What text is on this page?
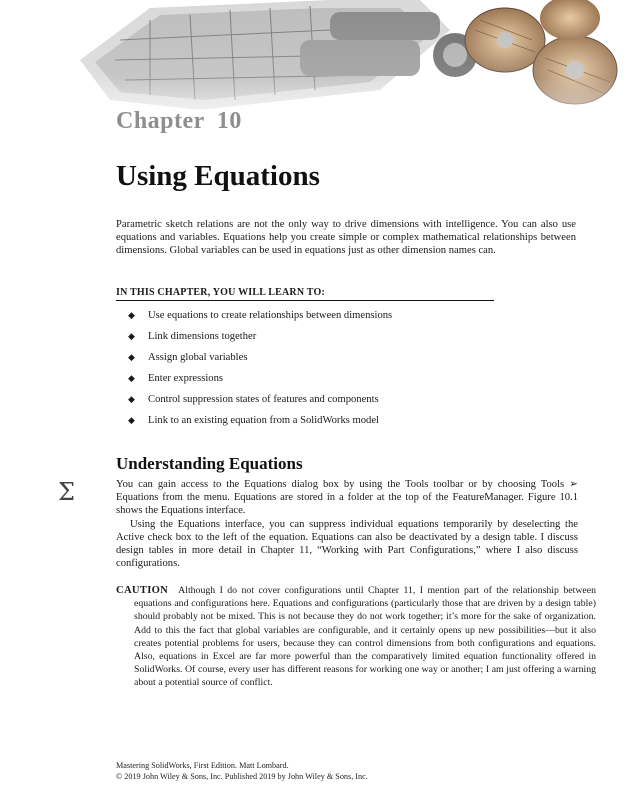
Chapter 10
Using Equations

Parametric sketch relations are not the only way to drive dimensions with intelligence. You can also use equations and variables. Equations help you create simple or complex mathematical relationships between dimensions. Global variables can be used in equations just as other dimension names can.

IN THIS CHAPTER, YOU WILL LEARN TO:
◆ Use equations to create relationships between dimensions
◆ Link dimensions together
◆ Assign global variables
◆ Enter expressions
◆ Control suppression states of features and components
◆ Link to an existing equation from a SolidWorks model
Understanding Equations
Σ	You can gain access to the Equations dialog box by using the Tools toolbar or by choosing Tools ➢ Equations from the menu. Equations are stored in a folder at the top of the FeatureManager. Figure 10.1 shows the Equations interface.

Using the Equations interface, you can suppress individual equations temporarily by deselecting the Active check box to the left of the equation. Equations can also be deactivated by a design table. I discuss design tables in more detail in Chapter 11, “Working with Part Configurations,” where I also discuss configurations.

CAUTION Although I do not cover configurations until Chapter 11, I mention part of the relationship between equations and configurations here. Equations and configurations (particularly those that are driven by a design table) should probably not be mixed. This is not because they do not work together; it’s more for the sake of organization. Add to this the fact that global variables are configurable, and it certainly opens up new possibilities—but it also creates potential problems for users, because they can control dimensions from both configurations and equations. Also, equations in Excel are far more powerful than the comparatively limited equation functionality offered in SolidWorks. Of course, every user has different reasons for working one way or another; I am just offering a warning about a potential source of conflict.
Mastering SolidWorks, First Edition. Matt Lombard.
© 2019 John Wiley & Sons, Inc. Published 2019 by John Wiley & Sons, Inc.
